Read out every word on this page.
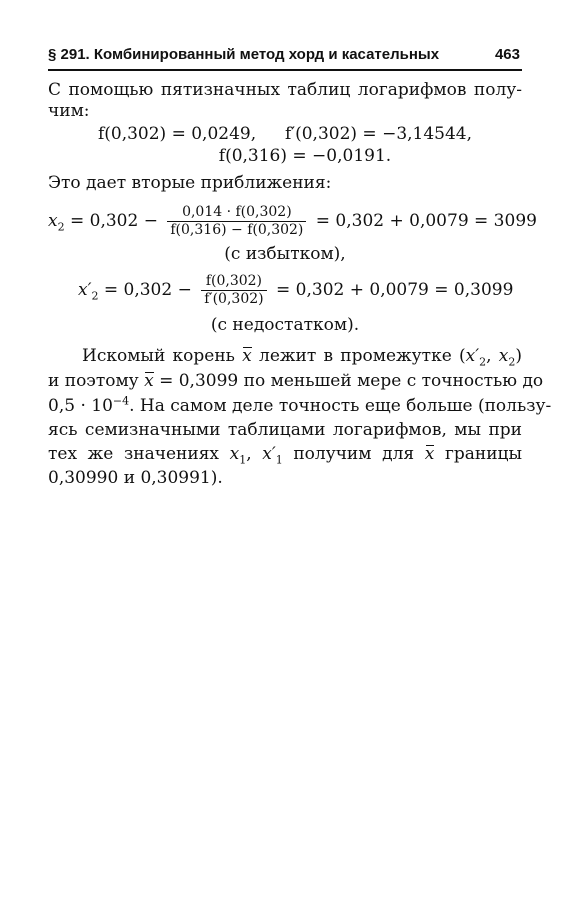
§ 291. Комбинированный метод хорд и касательных	463
С помощью пятизначных таблиц логарифмов полу-
чим:
f(0,302) = 0,0249, f′(0,302) = −3,14544,
f(0,316) = −0,0191.
Это дает вторые приближения:
$x_2 = 0,302 - \frac{0,014 \cdot f(0,302)}{f(0,316) - f(0,302)} = 0,302 + 0,0079 = 3099$
(с избытком),
$x'_2 = 0,302 - \frac{f(0,302)}{f'(0,302)} = 0,302 + 0,0079 = 0,3099$
(с недостатком).
Искомый корень x лежит в промежутке ($x'_2$, $x_2$)
и поэтому x = 0,3099 по меньшей мере с точностью до
$0,5 \cdot 10^{-4}$. На самом деле точность еще больше (пользу-
ясь семизначными таблицами логарифмов, мы при
тех же значениях $x_1$, $x'_1$ получим для x границы
0,30990 и 0,30991).
